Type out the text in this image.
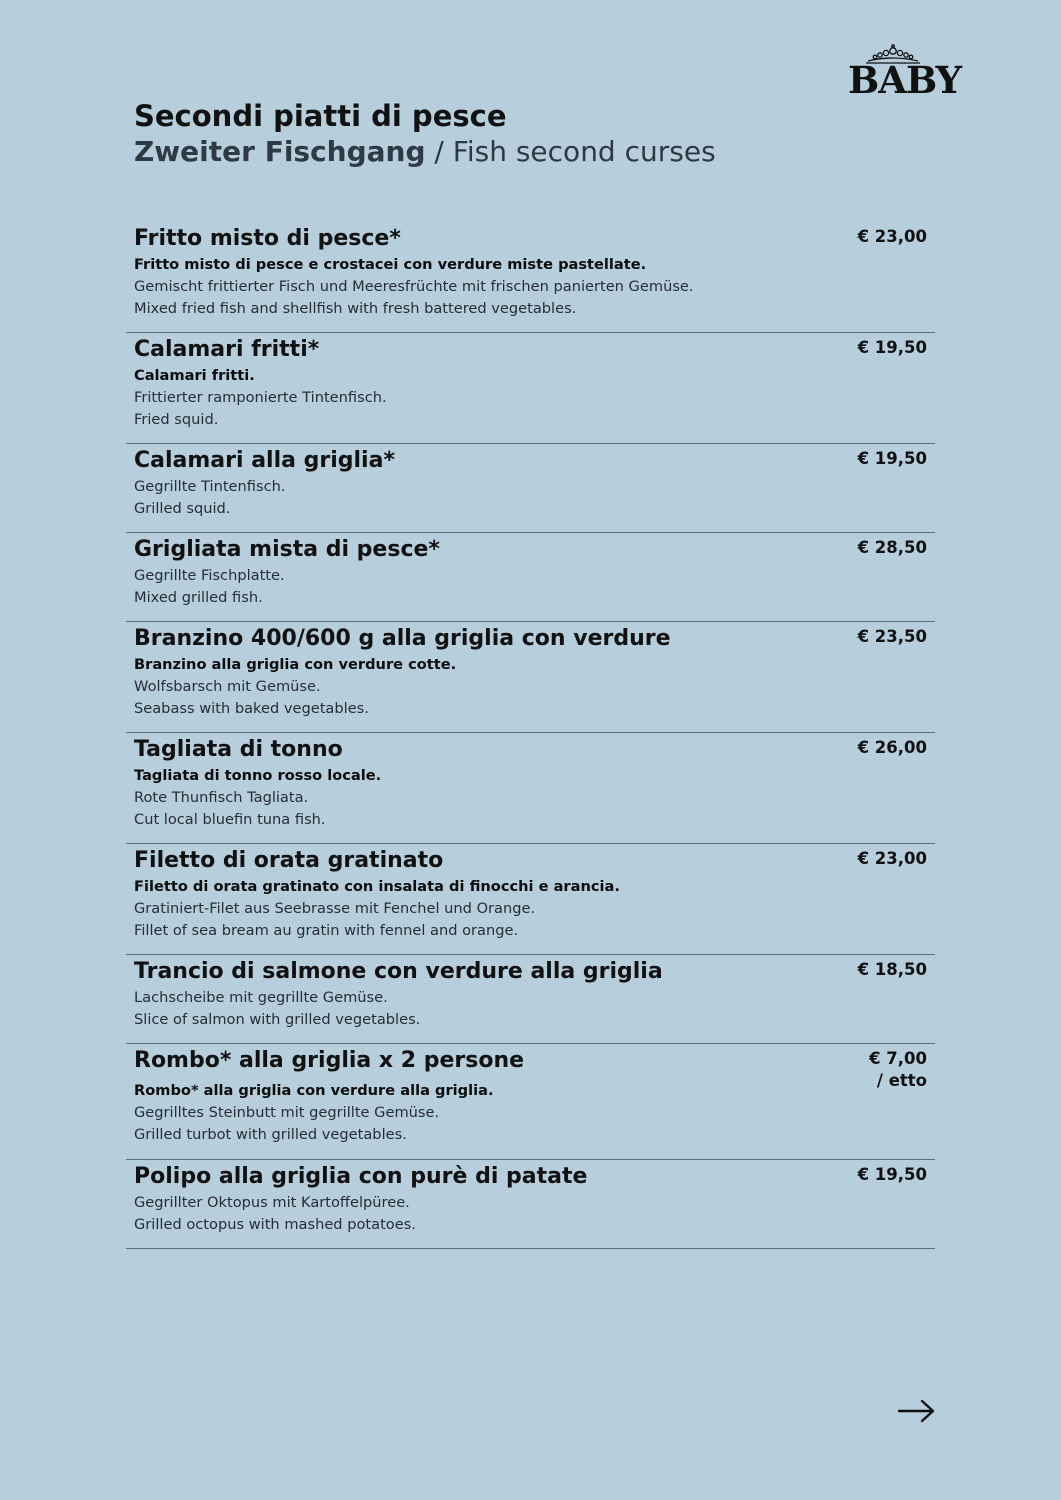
BABY
Secondi piatti di pesce

Zweiter Fischgang / Fish second curses

Fritto misto di pesce*

Fritto misto di pesce e crostacei con verdure miste pastellate.

Gemischt frittierter Fisch und Meeresfrüchte mit frischen panierten Gemüse.

Mixed fried fish and shellfish with fresh battered vegetables.

€ 23,00

Calamari fritti*

Calamari fritti.

Frittierter ramponierte Tintenfisch.

Fried squid.

€ 19,50

Calamari alla griglia*

Gegrillte Tintenfisch.

Grilled squid.

€ 19,50

Grigliata mista di pesce*

Gegrillte Fischplatte.

Mixed grilled fish.

€ 28,50

Branzino 400/600 g alla griglia con verdure

Branzino alla griglia con verdure cotte.

Wolfsbarsch mit Gemüse.

Seabass with baked vegetables.

€ 23,50

Tagliata di tonno

Tagliata di tonno rosso locale.

Rote Thunfisch Tagliata.

Cut local bluefin tuna fish.

€ 26,00

Filetto di orata gratinato

Filetto di orata gratinato con insalata di finocchi e arancia.

Gratiniert-Filet aus Seebrasse mit Fenchel und Orange.

Fillet of sea bream au gratin with fennel and orange.

€ 23,00

Trancio di salmone con verdure alla griglia

Lachscheibe mit gegrillte Gemüse.

Slice of salmon with grilled vegetables.

€ 18,50

Rombo* alla griglia x 2 persone

Rombo* alla griglia con verdure alla griglia.

Gegrilltes Steinbutt mit gegrillte Gemüse.

Grilled turbot with grilled vegetables.

€ 7,00
/ etto

Polipo alla griglia con purè di patate

Gegrillter Oktopus mit Kartoffelpüree.

Grilled octopus with mashed potatoes.

€ 19,50
